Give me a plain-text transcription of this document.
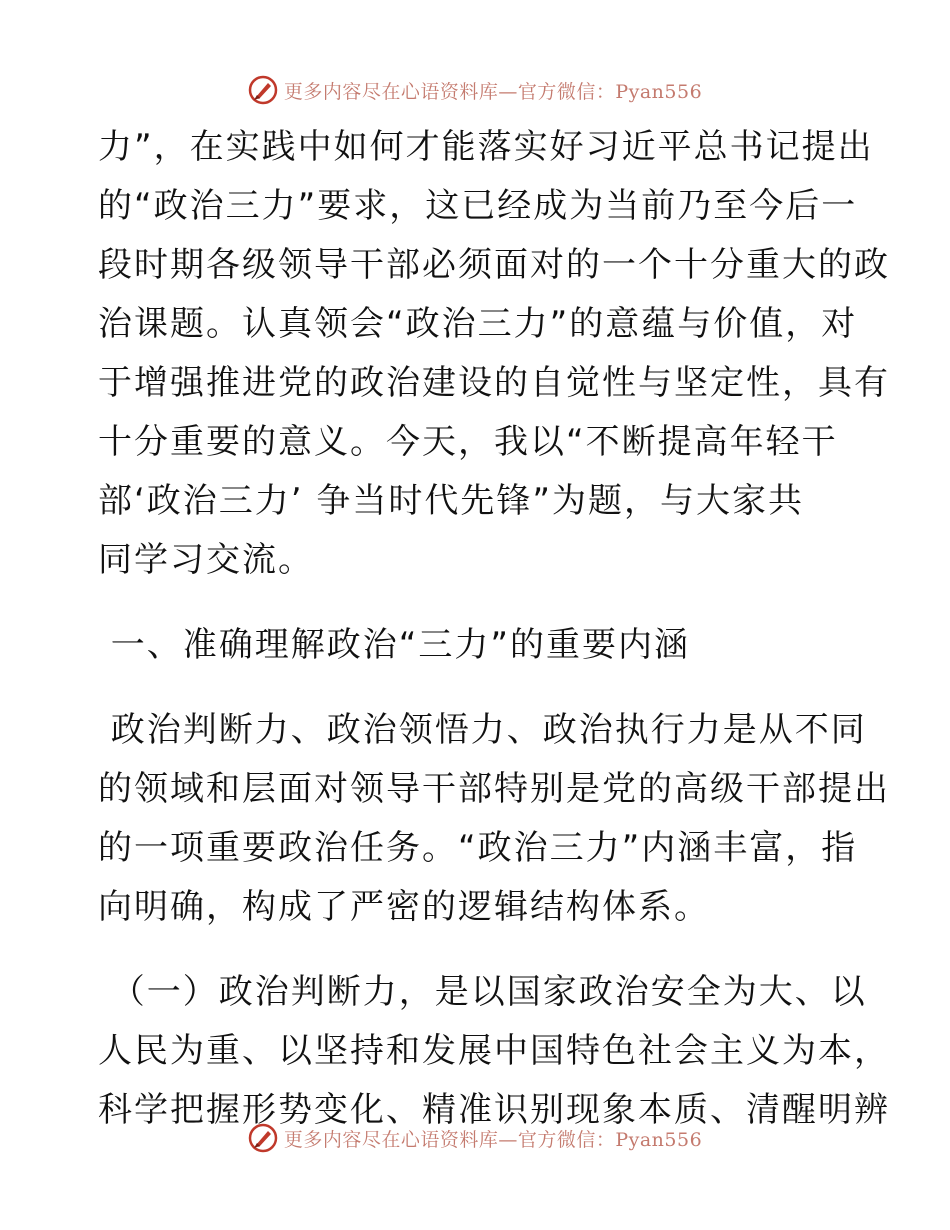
更多内容尽在心语资料库—官方微信：Pyan556
力”，在实践中如何才能落实好习近平总书记提出
的“政治三力”要求，这已经成为当前乃至今后一
段时期各级领导干部必须面对的一个十分重大的政
治课题。认真领会“政治三力”的意蕴与价值，对
于增强推进党的政治建设的自觉性与坚定性，具有
十分重要的意义。今天，我以“不断提高年轻干
部‘政治三力’ 争当时代先锋”为题，与大家共
同学习交流。
一、准确理解政治“三力”的重要内涵
政治判断力、政治领悟力、政治执行力是从不同
的领域和层面对领导干部特别是党的高级干部提出
的一项重要政治任务。“政治三力”内涵丰富，指
向明确，构成了严密的逻辑结构体系。
（一）政治判断力，是以国家政治安全为大、以
人民为重、以坚持和发展中国特色社会主义为本，
科学把握形势变化、精准识别现象本质、清醒明辨
更多内容尽在心语资料库—官方微信：Pyan556
